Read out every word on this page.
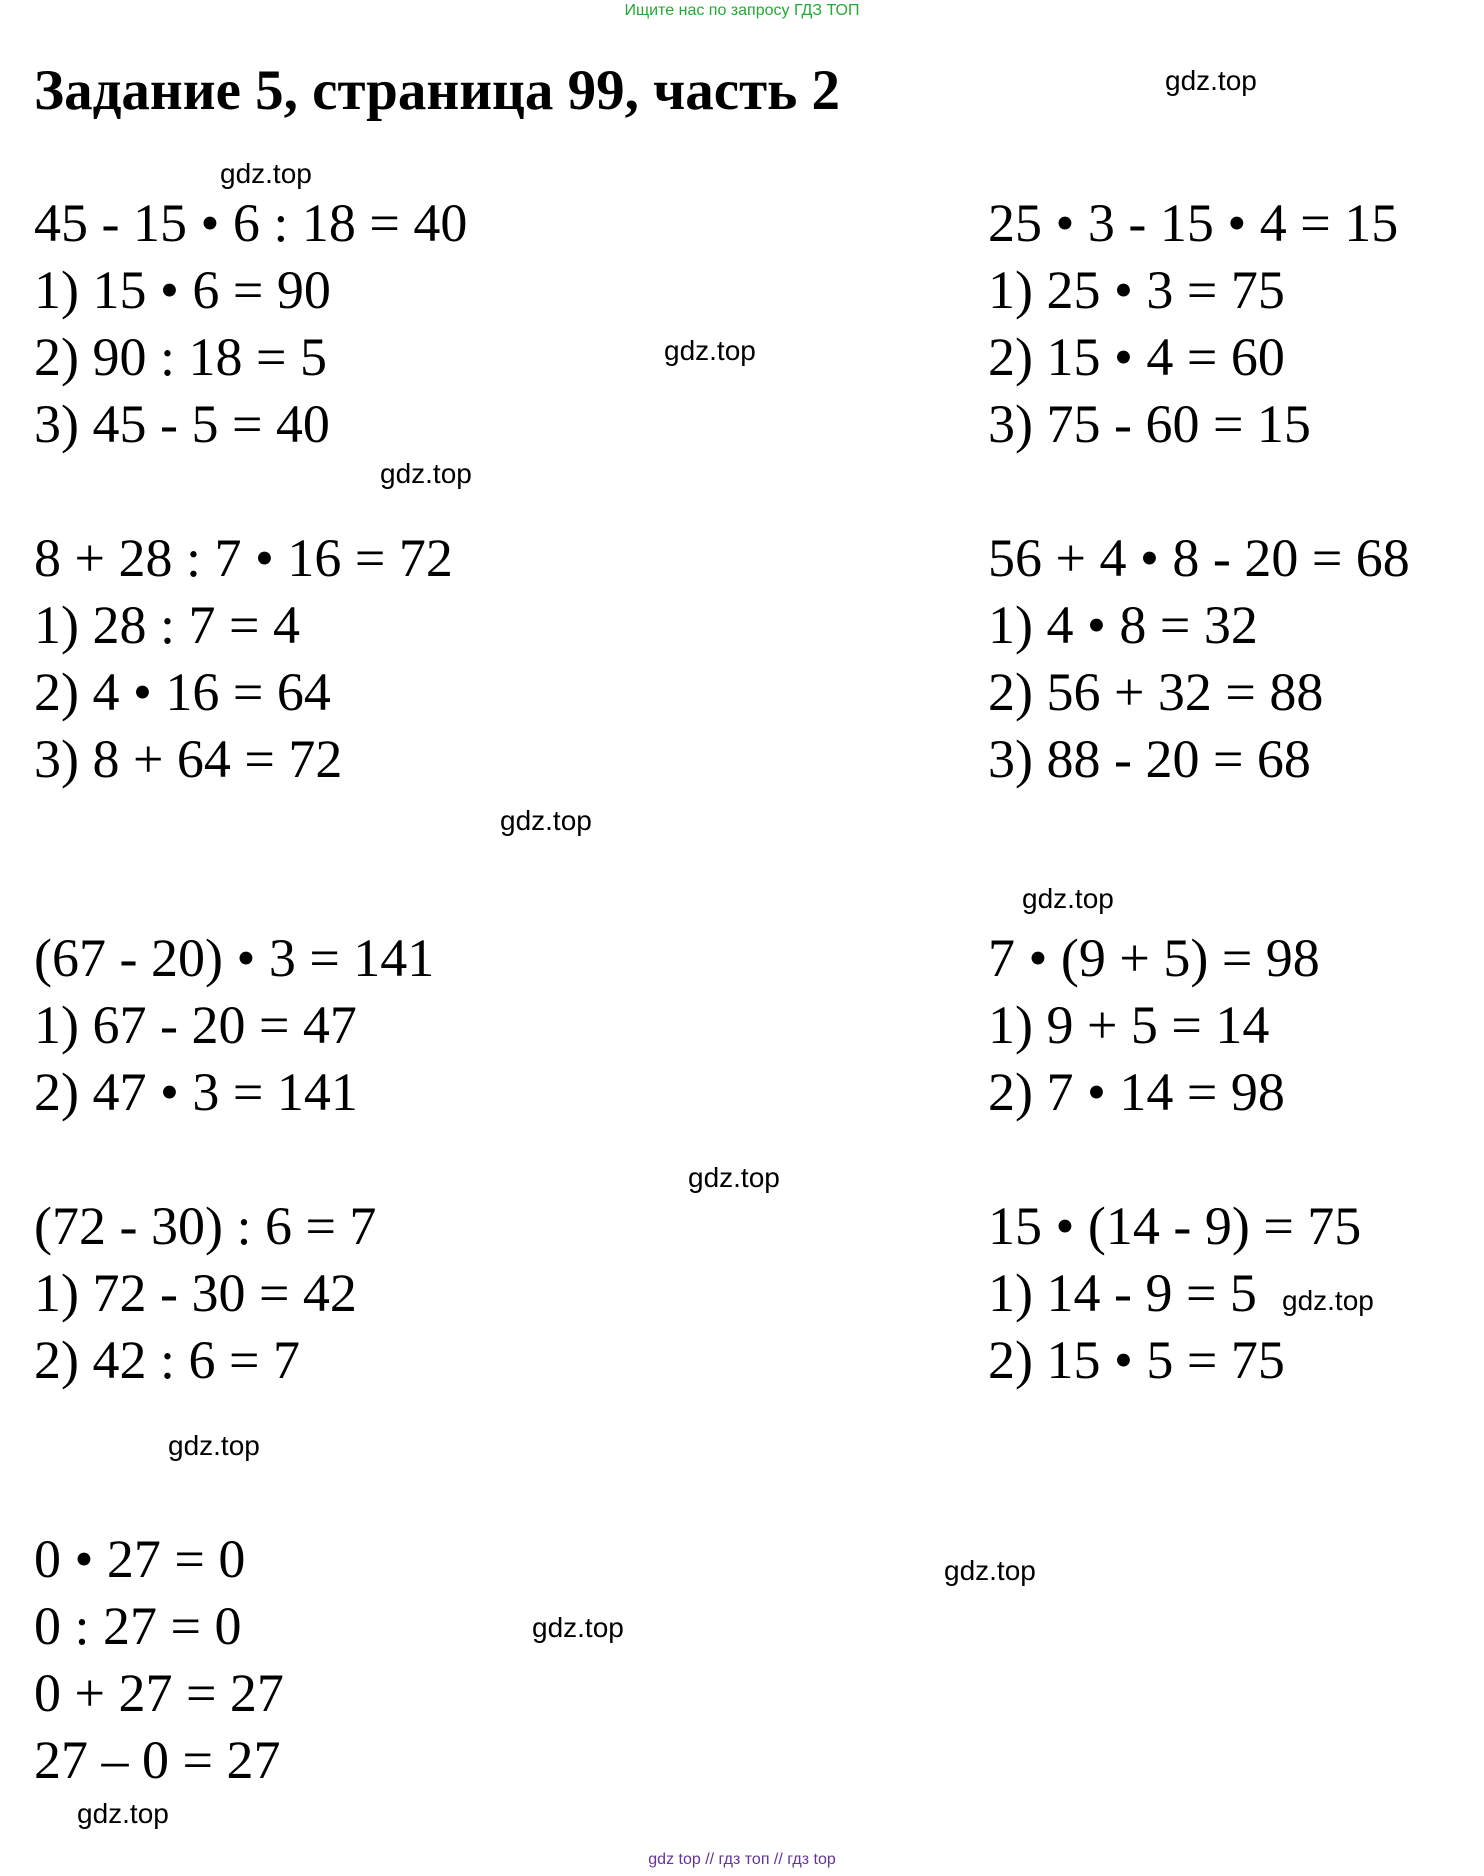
Ищите нас по запросу ГДЗ ТОП
Задание 5, страница 99, часть 2	gdz.top
gdz.top
gdz.top
gdz.top
gdz.top
gdz.top
gdz.top
gdz.top
gdz.top
gdz.top
gdz.top
gdz.top
45 - 15 • 6 : 18 = 40
1) 15 • 6 = 90
2) 90 : 18 = 5
3) 45 - 5 = 40
8 + 28 : 7 • 16 = 72
1) 28 : 7 = 4
2) 4 • 16 = 64
3) 8 + 64 = 72
(67 - 20) • 3 = 141
1) 67 - 20 = 47
2) 47 • 3 = 141
(72 - 30) : 6 = 7
1) 72 - 30 = 42
2) 42 : 6 = 7
0 • 27 = 0
0 : 27 = 0
0 + 27 = 27
27 – 0 = 27
25 • 3 - 15 • 4 = 15
1) 25 • 3 = 75
2) 15 • 4 = 60
3) 75 - 60 = 15
56 + 4 • 8 - 20 = 68
1) 4 • 8 = 32
2) 56 + 32 = 88
3) 88 - 20 = 68
7 • (9 + 5) = 98
1) 9 + 5 = 14
2) 7 • 14 = 98
15 • (14 - 9) = 75
1) 14 - 9 = 5
2) 15 • 5 = 75
gdz top // гдз топ // гдз top
